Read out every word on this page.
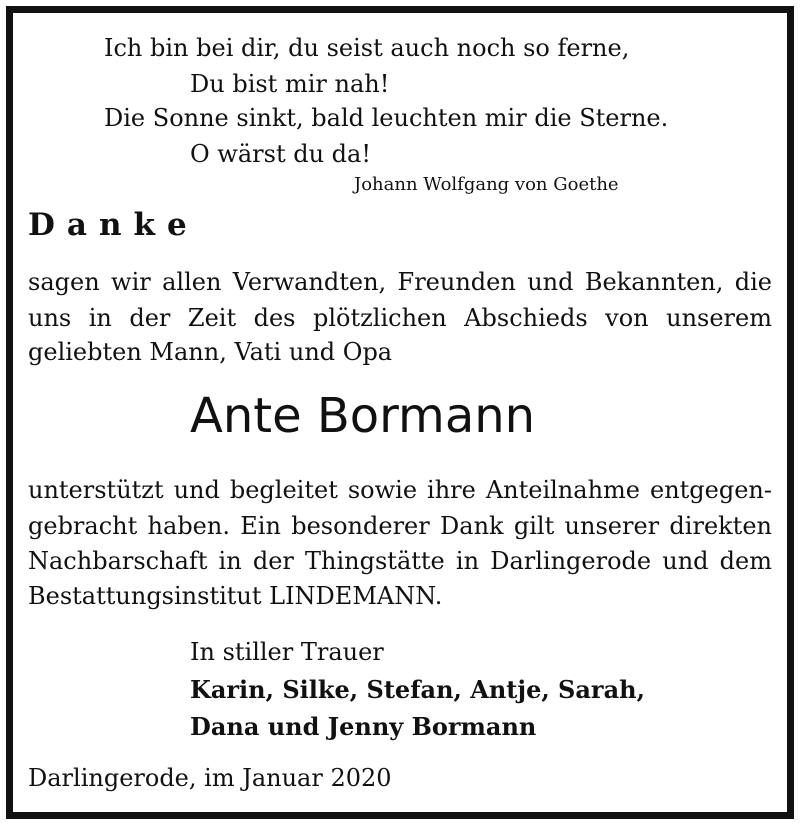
Ich bin bei dir, du seist auch noch so ferne,
Du bist mir nah!
Die Sonne sinkt, bald leuchten mir die Sterne.
O wärst du da!
Johann Wolfgang von Goethe
Danke
sagen wir allen Verwandten, Freunden und Bekannten, die
uns in der Zeit des plötzlichen Abschieds von unserem
geliebten Mann, Vati und Opa
Ante Bormann
unterstützt und begleitet sowie ihre Anteilnahme entgegen-
gebracht haben. Ein besonderer Dank gilt unserer direkten
Nachbarschaft in der Thingstätte in Darlingerode und dem
Bestattungsinstitut LINDEMANN.
In stiller Trauer
Karin, Silke, Stefan, Antje, Sarah,
Dana und Jenny Bormann
Darlingerode, im Januar 2020
